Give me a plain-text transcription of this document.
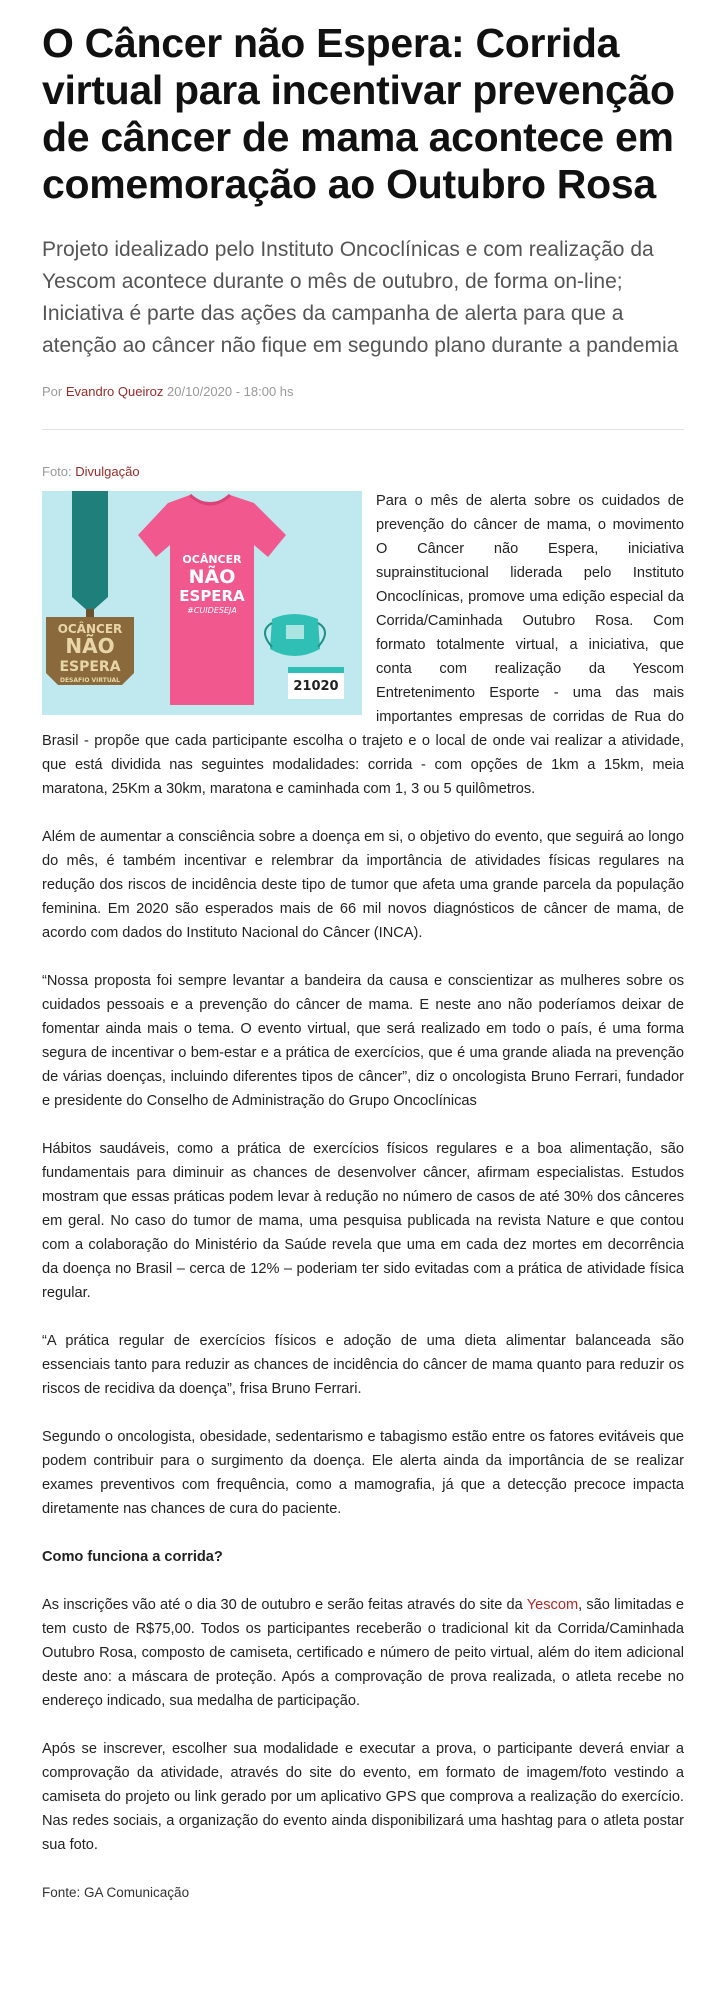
O Câncer não Espera: Corrida virtual para incentivar prevenção de câncer de mama acontece em comemoração ao Outubro Rosa
Projeto idealizado pelo Instituto Oncoclínicas e com realização da Yescom acontece durante o mês de outubro, de forma on-line; Iniciativa é parte das ações da campanha de alerta para que a atenção ao câncer não fique em segundo plano durante a pandemia
Por Evandro Queiroz 20/10/2020 - 18:00 hs
Foto: Divulgação
OCÂNCER
NÃO
ESPERA
DESAFIO VIRTUAL
OCÂNCER
NÃO
ESPERA
#CUIDESEJA
21020

Para o mês de alerta sobre os cuidados de prevenção do câncer de mama, o movimento O Câncer não Espera, iniciativa suprainstitucional liderada pelo Instituto Oncoclínicas, promove uma edição especial da Corrida/Caminhada Outubro Rosa. Com formato totalmente virtual, a iniciativa, que conta com realização da Yescom Entretenimento Esporte - uma das mais importantes empresas de corridas de Rua do Brasil - propõe que cada participante escolha o trajeto e o local de onde vai realizar a atividade, que está dividida nas seguintes modalidades: corrida - com opções de 1km a 15km, meia maratona, 25Km a 30km, maratona e caminhada com 1, 3 ou 5 quilômetros.

Além de aumentar a consciência sobre a doença em si, o objetivo do evento, que seguirá ao longo do mês, é também incentivar e relembrar da importância de atividades físicas regulares na redução dos riscos de incidência deste tipo de tumor que afeta uma grande parcela da população feminina. Em 2020 são esperados mais de 66 mil novos diagnósticos de câncer de mama, de acordo com dados do Instituto Nacional do Câncer (INCA).

“Nossa proposta foi sempre levantar a bandeira da causa e conscientizar as mulheres sobre os cuidados pessoais e a prevenção do câncer de mama. E neste ano não poderíamos deixar de fomentar ainda mais o tema. O evento virtual, que será realizado em todo o país, é uma forma segura de incentivar o bem-estar e a prática de exercícios, que é uma grande aliada na prevenção de várias doenças, incluindo diferentes tipos de câncer”, diz o oncologista Bruno Ferrari, fundador e presidente do Conselho de Administração do Grupo Oncoclínicas

Hábitos saudáveis, como a prática de exercícios físicos regulares e a boa alimentação, são fundamentais para diminuir as chances de desenvolver câncer, afirmam especialistas. Estudos mostram que essas práticas podem levar à redução no número de casos de até 30% dos cânceres em geral. No caso do tumor de mama, uma pesquisa publicada na revista Nature e que contou com a colaboração do Ministério da Saúde revela que uma em cada dez mortes em decorrência da doença no Brasil – cerca de 12% – poderiam ter sido evitadas com a prática de atividade física regular.

“A prática regular de exercícios físicos e adoção de uma dieta alimentar balanceada são essenciais tanto para reduzir as chances de incidência do câncer de mama quanto para reduzir os riscos de recidiva da doença”, frisa Bruno Ferrari.

Segundo o oncologista, obesidade, sedentarismo e tabagismo estão entre os fatores evitáveis que podem contribuir para o surgimento da doença. Ele alerta ainda da importância de se realizar exames preventivos com frequência, como a mamografia, já que a detecção precoce impacta diretamente nas chances de cura do paciente.

Como funciona a corrida?

As inscrições vão até o dia 30 de outubro e serão feitas através do site da Yescom, são limitadas e tem custo de R$75,00. Todos os participantes receberão o tradicional kit da Corrida/Caminhada Outubro Rosa, composto de camiseta, certificado e número de peito virtual, além do item adicional deste ano: a máscara de proteção. Após a comprovação de prova realizada, o atleta recebe no endereço indicado, sua medalha de participação.

Após se inscrever, escolher sua modalidade e executar a prova, o participante deverá enviar a comprovação da atividade, através do site do evento, em formato de imagem/foto vestindo a camiseta do projeto ou link gerado por um aplicativo GPS que comprova a realização do exercício. Nas redes sociais, a organização do evento ainda disponibilizará uma hashtag para o atleta postar sua foto.

Fonte: GA Comunicação
